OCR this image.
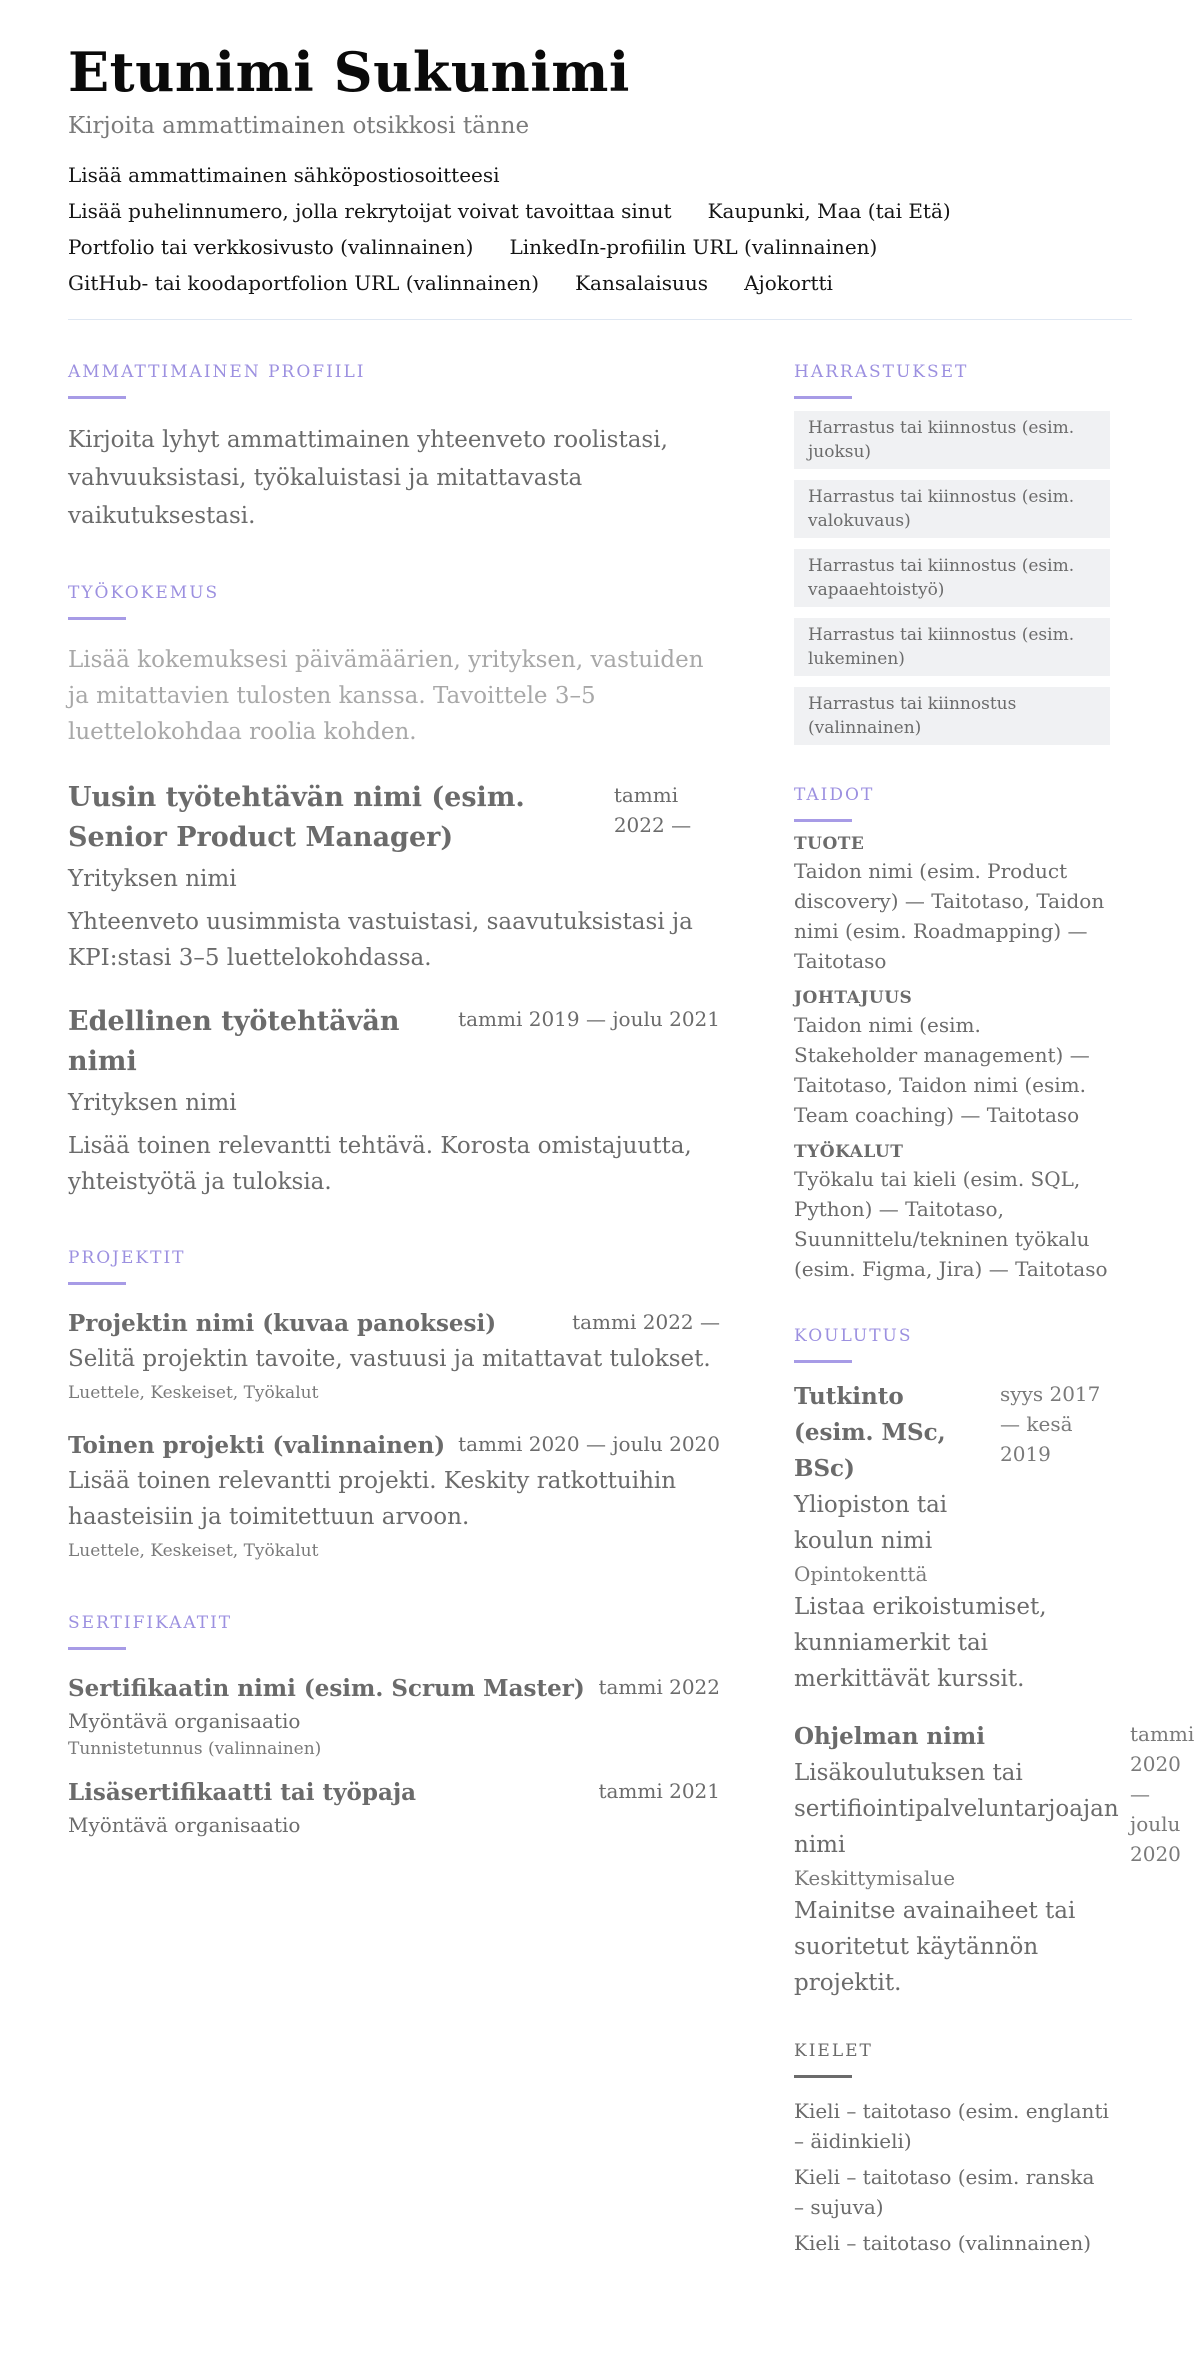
Etunimi Sukunimi
Kirjoita ammattimainen otsikkosi tänne
Lisää ammattimainen sähköpostiosoitteesi
Lisää puhelinnumero, jolla rekrytoijat voivat tavoittaa sinut Kaupunki, Maa (tai Etä)
Portfolio tai verkkosivusto (valinnainen) LinkedIn-profiilin URL (valinnainen)
GitHub- tai koodaportfolion URL (valinnainen) Kansalaisuus Ajokortti
AMMATTIMAINEN PROFIILI

Kirjoita lyhyt ammattimainen yhteenveto roolistasi, vahvuuksistasi, työkaluistasi ja mitattavasta vaikutuksestasi.

TYÖKOKEMUS

Lisää kokemuksesi päivämäärien, yrityksen, vastuiden ja mitattavien tulosten kanssa. Tavoittele 3–5 luettelokohdaa roolia kohden.

Uusin työtehtävän nimi (esim. Senior Product Manager)
tammi 2022 —
Yrityksen nimi
Yhteenveto uusimmista vastuistasi, saavutuksistasi ja KPI:stasi 3–5 luettelokohdassa.
Edellinen työtehtävän nimi
tammi 2019 — joulu 2021
Yrityksen nimi
Lisää toinen relevantti tehtävä. Korosta omistajuutta, yhteistyötä ja tuloksia.
PROJEKTIT
Projektin nimi (kuvaa panoksesi)	tammi 2022 —
Selitä projektin tavoite, vastuusi ja mitattavat tulokset.
Luettele, Keskeiset, Työkalut
Toinen projekti (valinnainen) tammi 2020 — joulu 2020
Lisää toinen relevantti projekti. Keskity ratkottuihin haasteisiin ja toimitettuun arvoon.
Luettele, Keskeiset, Työkalut
SERTIFIKAATIT
Sertifikaatin nimi (esim. Scrum Master) tammi 2022
Myöntävä organisaatio
Tunnistetunnus (valinnainen)
Lisäsertifikaatti tai työpaja	tammi 2021
Myöntävä organisaatio
HARRASTUKSET
Harrastus tai kiinnostus (esim. juoksu)
Harrastus tai kiinnostus (esim. valokuvaus)
Harrastus tai kiinnostus (esim. vapaaehtoistyö)
Harrastus tai kiinnostus (esim. lukeminen)
Harrastus tai kiinnostus (valinnainen)
TAIDOT
TUOTE
Taidon nimi (esim. Product discovery) — Taitotaso, Taidon nimi (esim. Roadmapping) — Taitotaso
JOHTAJUUS
Taidon nimi (esim. Stakeholder management) — Taitotaso, Taidon nimi (esim. Team coaching) — Taitotaso
TYÖKALUT
Työkalu tai kieli (esim. SQL, Python) — Taitotaso, Suunnittelu/tekninen työkalu (esim. Figma, Jira) — Taitotaso
KOULUTUS
Tutkinto (esim. MSc, BSc)
Yliopiston tai koulun nimi
Opintokenttä
syys 2017 — kesä 2019
Listaa erikoistumiset, kunniamerkit tai merkittävät kurssit.
Ohjelman nimi
Lisäkoulutuksen tai sertifiointipalveluntarjoajan nimi
Keskittymisalue
Mainitse avainaiheet tai suoritetut käytännön projektit.
tammi 2020 — joulu 2020
KIELET
Kieli – taitotaso (esim. englanti – äidinkieli)
Kieli – taitotaso (esim. ranska – sujuva)
Kieli – taitotaso (valinnainen)
